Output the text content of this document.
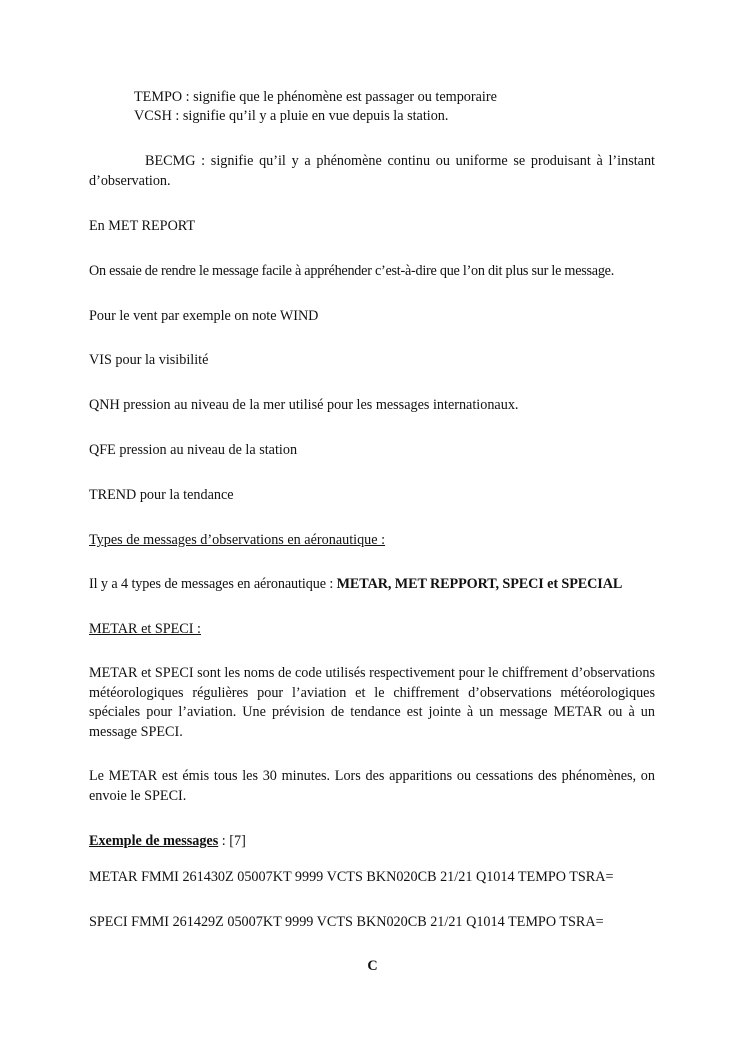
TEMPO : signifie que le phénomène est passager ou temporaire
VCSH : signifie qu’il y a pluie en vue depuis la station.
BECMG : signifie qu’il y a phénomène continu ou uniforme se produisant à l’instant d’observation.
En MET REPORT
On essaie de rendre le message facile à appréhender c’est-à-dire que l’on dit plus sur le message.
Pour le vent par exemple on note WIND
VIS pour la visibilité
QNH pression au niveau de la mer utilisé pour les messages internationaux.
QFE pression au niveau de la station
TREND pour la tendance
Types de messages d’observations en aéronautique :
Il y a 4 types de messages en aéronautique : METAR, MET REPPORT, SPECI et SPECIAL
METAR et SPECI :
METAR et SPECI sont les noms de code utilisés respectivement pour le chiffrement d’observations météorologiques régulières pour l’aviation et le chiffrement d’observations météorologiques spéciales pour l’aviation. Une prévision de tendance est jointe à un message METAR ou à un message SPECI.
Le METAR est émis tous les 30 minutes. Lors des apparitions ou cessations des phénomènes, on envoie le SPECI.
Exemple de messages : [7]
METAR FMMI 261430Z 05007KT 9999 VCTS BKN020CB 21/21 Q1014 TEMPO TSRA=
SPECI FMMI 261429Z 05007KT 9999 VCTS BKN020CB 21/21 Q1014 TEMPO TSRA=
C
